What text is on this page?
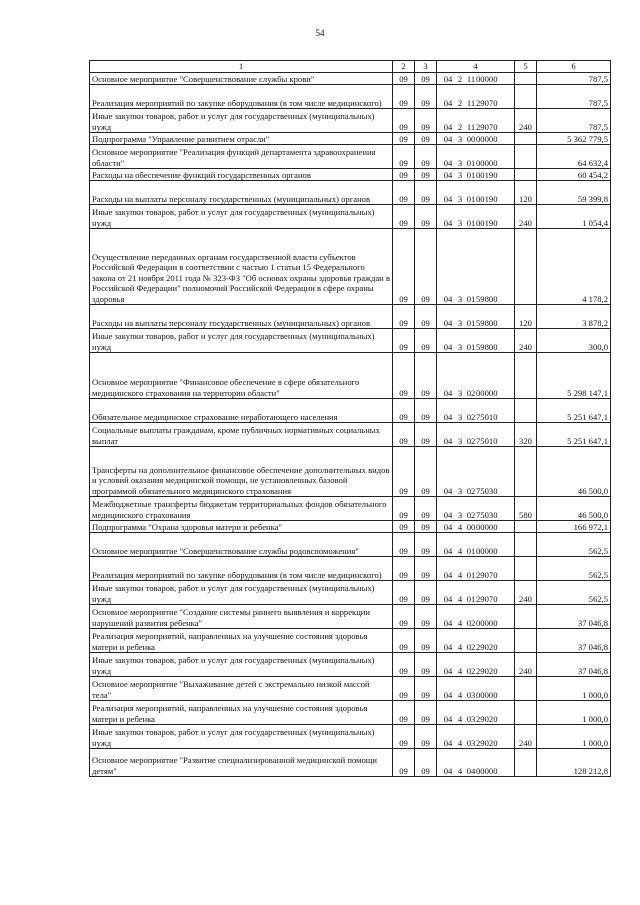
54
1	2	3	4	5	6
Основное мероприятие "Совершенствование службы крови"	09	09	04 2 1100000		787,5
Реализация мероприятий по закупке оборудования (в том числе медицинского)	09	09	04 2 1129070		787,5
Иные закупки товаров, работ и услуг для государственных (муниципальных) нужд	09	09	04 2 1129070	240	787,5
Подпрограмма "Управление развитием отрасли"	09	09	04 3 0000000		5 362 779,5
Основное мероприятие "Реализация функций департамента здравоохранения области"	09	09	04 3 0100000		64 632,4
Расходы на обеспечение функций государственных органов	09	09	04 3 0100190		60 454,2
Расходы на выплаты персоналу государственных (муниципальных) органов	09	09	04 3 0100190	120	59 399,8
Иные закупки товаров, работ и услуг для государственных (муниципальных) нужд	09	09	04 3 0100190	240	1 054,4
Осуществление переданных органам государственной власти субъектов Российской Федерации в соответствии с частью 1 статьи 15 Федерального закона от 21 ноября 2011 года № 323-ФЗ "Об основах охраны здоровья граждан в Российской Федерации" полномочий Российской Федерации в сфере охраны здоровья	09	09	04 3 0159800		4 178,2
Расходы на выплаты персоналу государственных (муниципальных) органов	09	09	04 3 0159800	120	3 878,2
Иные закупки товаров, работ и услуг для государственных (муниципальных) нужд	09	09	04 3 0159800	240	300,0
Основное мероприятие "Финансовое обеспечение в сфере обязательного медицинского страхования на территории области"	09	09	04 3 0200000		5 298 147,1
Обязательное медицинское страхование неработающего населения	09	09	04 3 0275010		5 251 647,1
Социальные выплаты гражданам, кроме публичных нормативных социальных выплат	09	09	04 3 0275010	320	5 251 647,1
Трансферты на дополнительное финансовое обеспечение дополнительных видов и условий оказания медицинской помощи, не установленных базовой программой обязательного медицинского страхования	09	09	04 3 0275030		46 500,0
Межбюджетные трансферты бюджетам территориальных фондов обязательного медицинского страхования	09	09	04 3 0275030	580	46 500,0
Подпрограмма "Охрана здоровья матери и ребенка"	09	09	04 4 0000000		166 972,1
Основное мероприятие "Совершенствование службы родовспоможения"	09	09	04 4 0100000		562,5
Реализация мероприятий по закупке оборудования (в том числе медицинского)	09	09	04 4 0129070		562,5
Иные закупки товаров, работ и услуг для государственных (муниципальных) нужд	09	09	04 4 0129070	240	562,5
Основное мероприятие "Создание системы раннего выявления и коррекции нарушений развития ребенка"	09	09	04 4 0200000		37 046,8
Реализация мероприятий, направленных на улучшение состояния здоровья матери и ребенка	09	09	04 4 0229020		37 046,8
Иные закупки товаров, работ и услуг для государственных (муниципальных) нужд	09	09	04 4 0229020	240	37 046,8
Основное мероприятие "Выхаживание детей с экстремально низкой массой тела"	09	09	04 4 0300000		1 000,0
Реализация мероприятий, направленных на улучшение состояния здоровья матери и ребенка	09	09	04 4 0329020		1 000,0
Иные закупки товаров, работ и услуг для государственных (муниципальных) нужд	09	09	04 4 0329020	240	1 000,0
Основное мероприятие "Развитие специализированной медицинской помощи детям"	09	09	04 4 0400000		128 212,8
